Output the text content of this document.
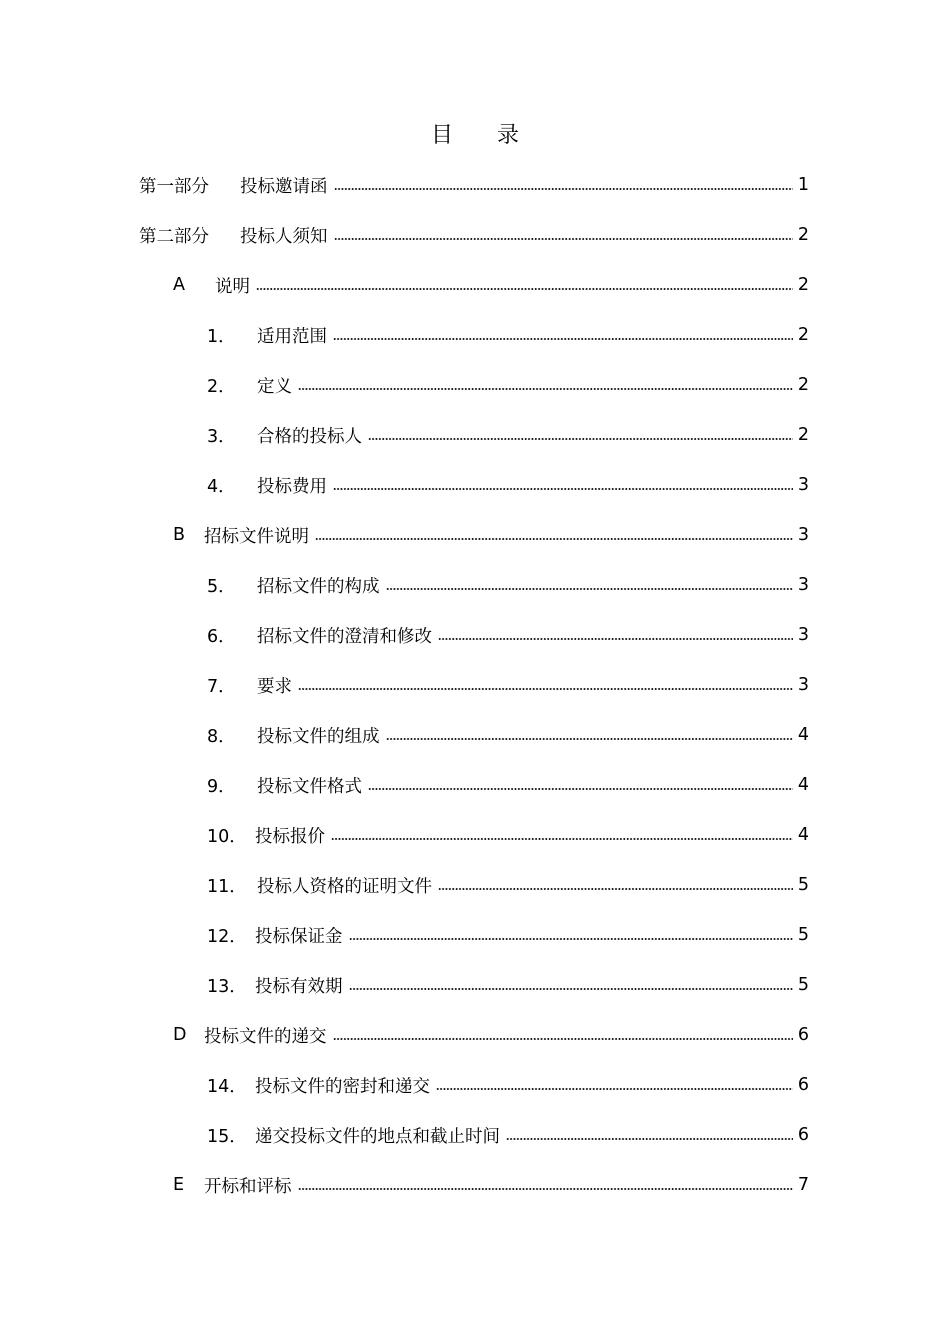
目　　录
第一部分	投标邀请函	1
第二部分	投标人须知	2
A	说明	2
1．	适用范围	2
2．	定义	2
3．	合格的投标人	2
4．	投标费用	3
B	招标文件说明	3
5．	招标文件的构成	3
6．	招标文件的澄清和修改	3
7．	要求	3
8．	投标文件的组成	4
9．	投标文件格式	4
10． 投标报价	4
11． 投标人资格的证明文件	5
12． 投标保证金	5
13． 投标有效期	5
D	投标文件的递交	6
14． 投标文件的密封和递交	6
15． 递交投标文件的地点和截止时间	6
E	开标和评标	7
